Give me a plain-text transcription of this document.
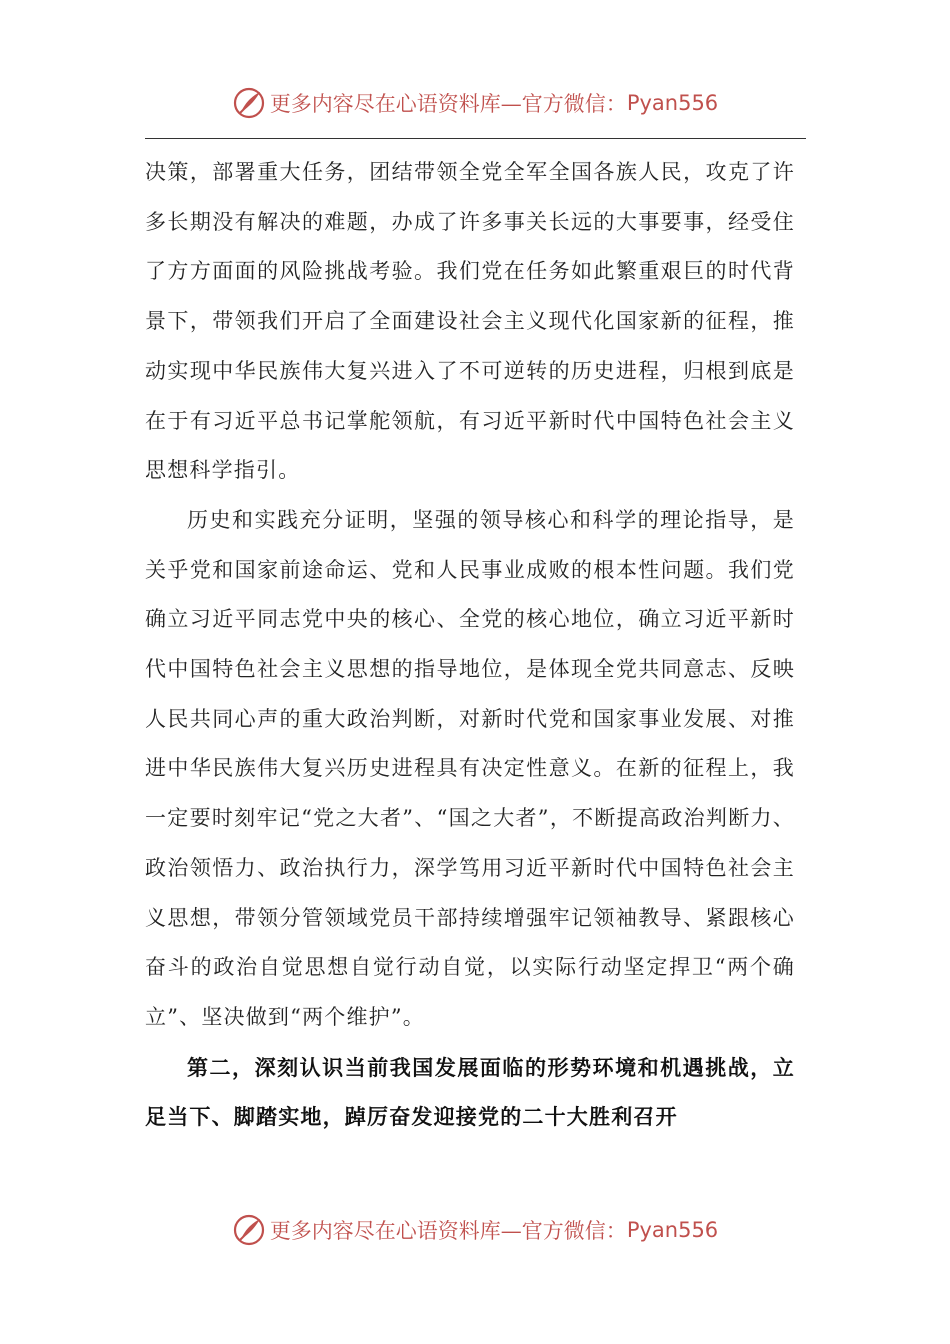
更多内容尽在心语资料库—官方微信： Pyan556

决策，部署重大任务，团结带领全党全军全国各族人民，攻克了许多长期没有解决的难题，办成了许多事关长远的大事要事，经受住了方方面面的风险挑战考验。我们党在任务如此繁重艰巨的时代背景下，带领我们开启了全面建设社会主义现代化国家新的征程，推动实现中华民族伟大复兴进入了不可逆转的历史进程，归根到底是在于有习近平总书记掌舵领航，有习近平新时代中国特色社会主义思想科学指引。

历史和实践充分证明，坚强的领导核心和科学的理论指导，是关乎党和国家前途命运、党和人民事业成败的根本性问题。我们党确立习近平同志党中央的核心、全党的核心地位，确立习近平新时代中国特色社会主义思想的指导地位，是体现全党共同意志、反映人民共同心声的重大政治判断，对新时代党和国家事业发展、对推进中华民族伟大复兴历史进程具有决定性意义。在新的征程上，我一定要时刻牢记“党之大者”、“国之大者”，不断提高政治判断力、政治领悟力、政治执行力，深学笃用习近平新时代中国特色社会主义思想，带领分管领域党员干部持续增强牢记领袖教导、紧跟核心奋斗的政治自觉思想自觉行动自觉，以实际行动坚定捍卫“两个确立”、坚决做到“两个维护”。

第二，深刻认识当前我国发展面临的形势环境和机遇挑战，立足当下、脚踏实地，踔厉奋发迎接党的二十大胜利召开

更多内容尽在心语资料库—官方微信： Pyan556
